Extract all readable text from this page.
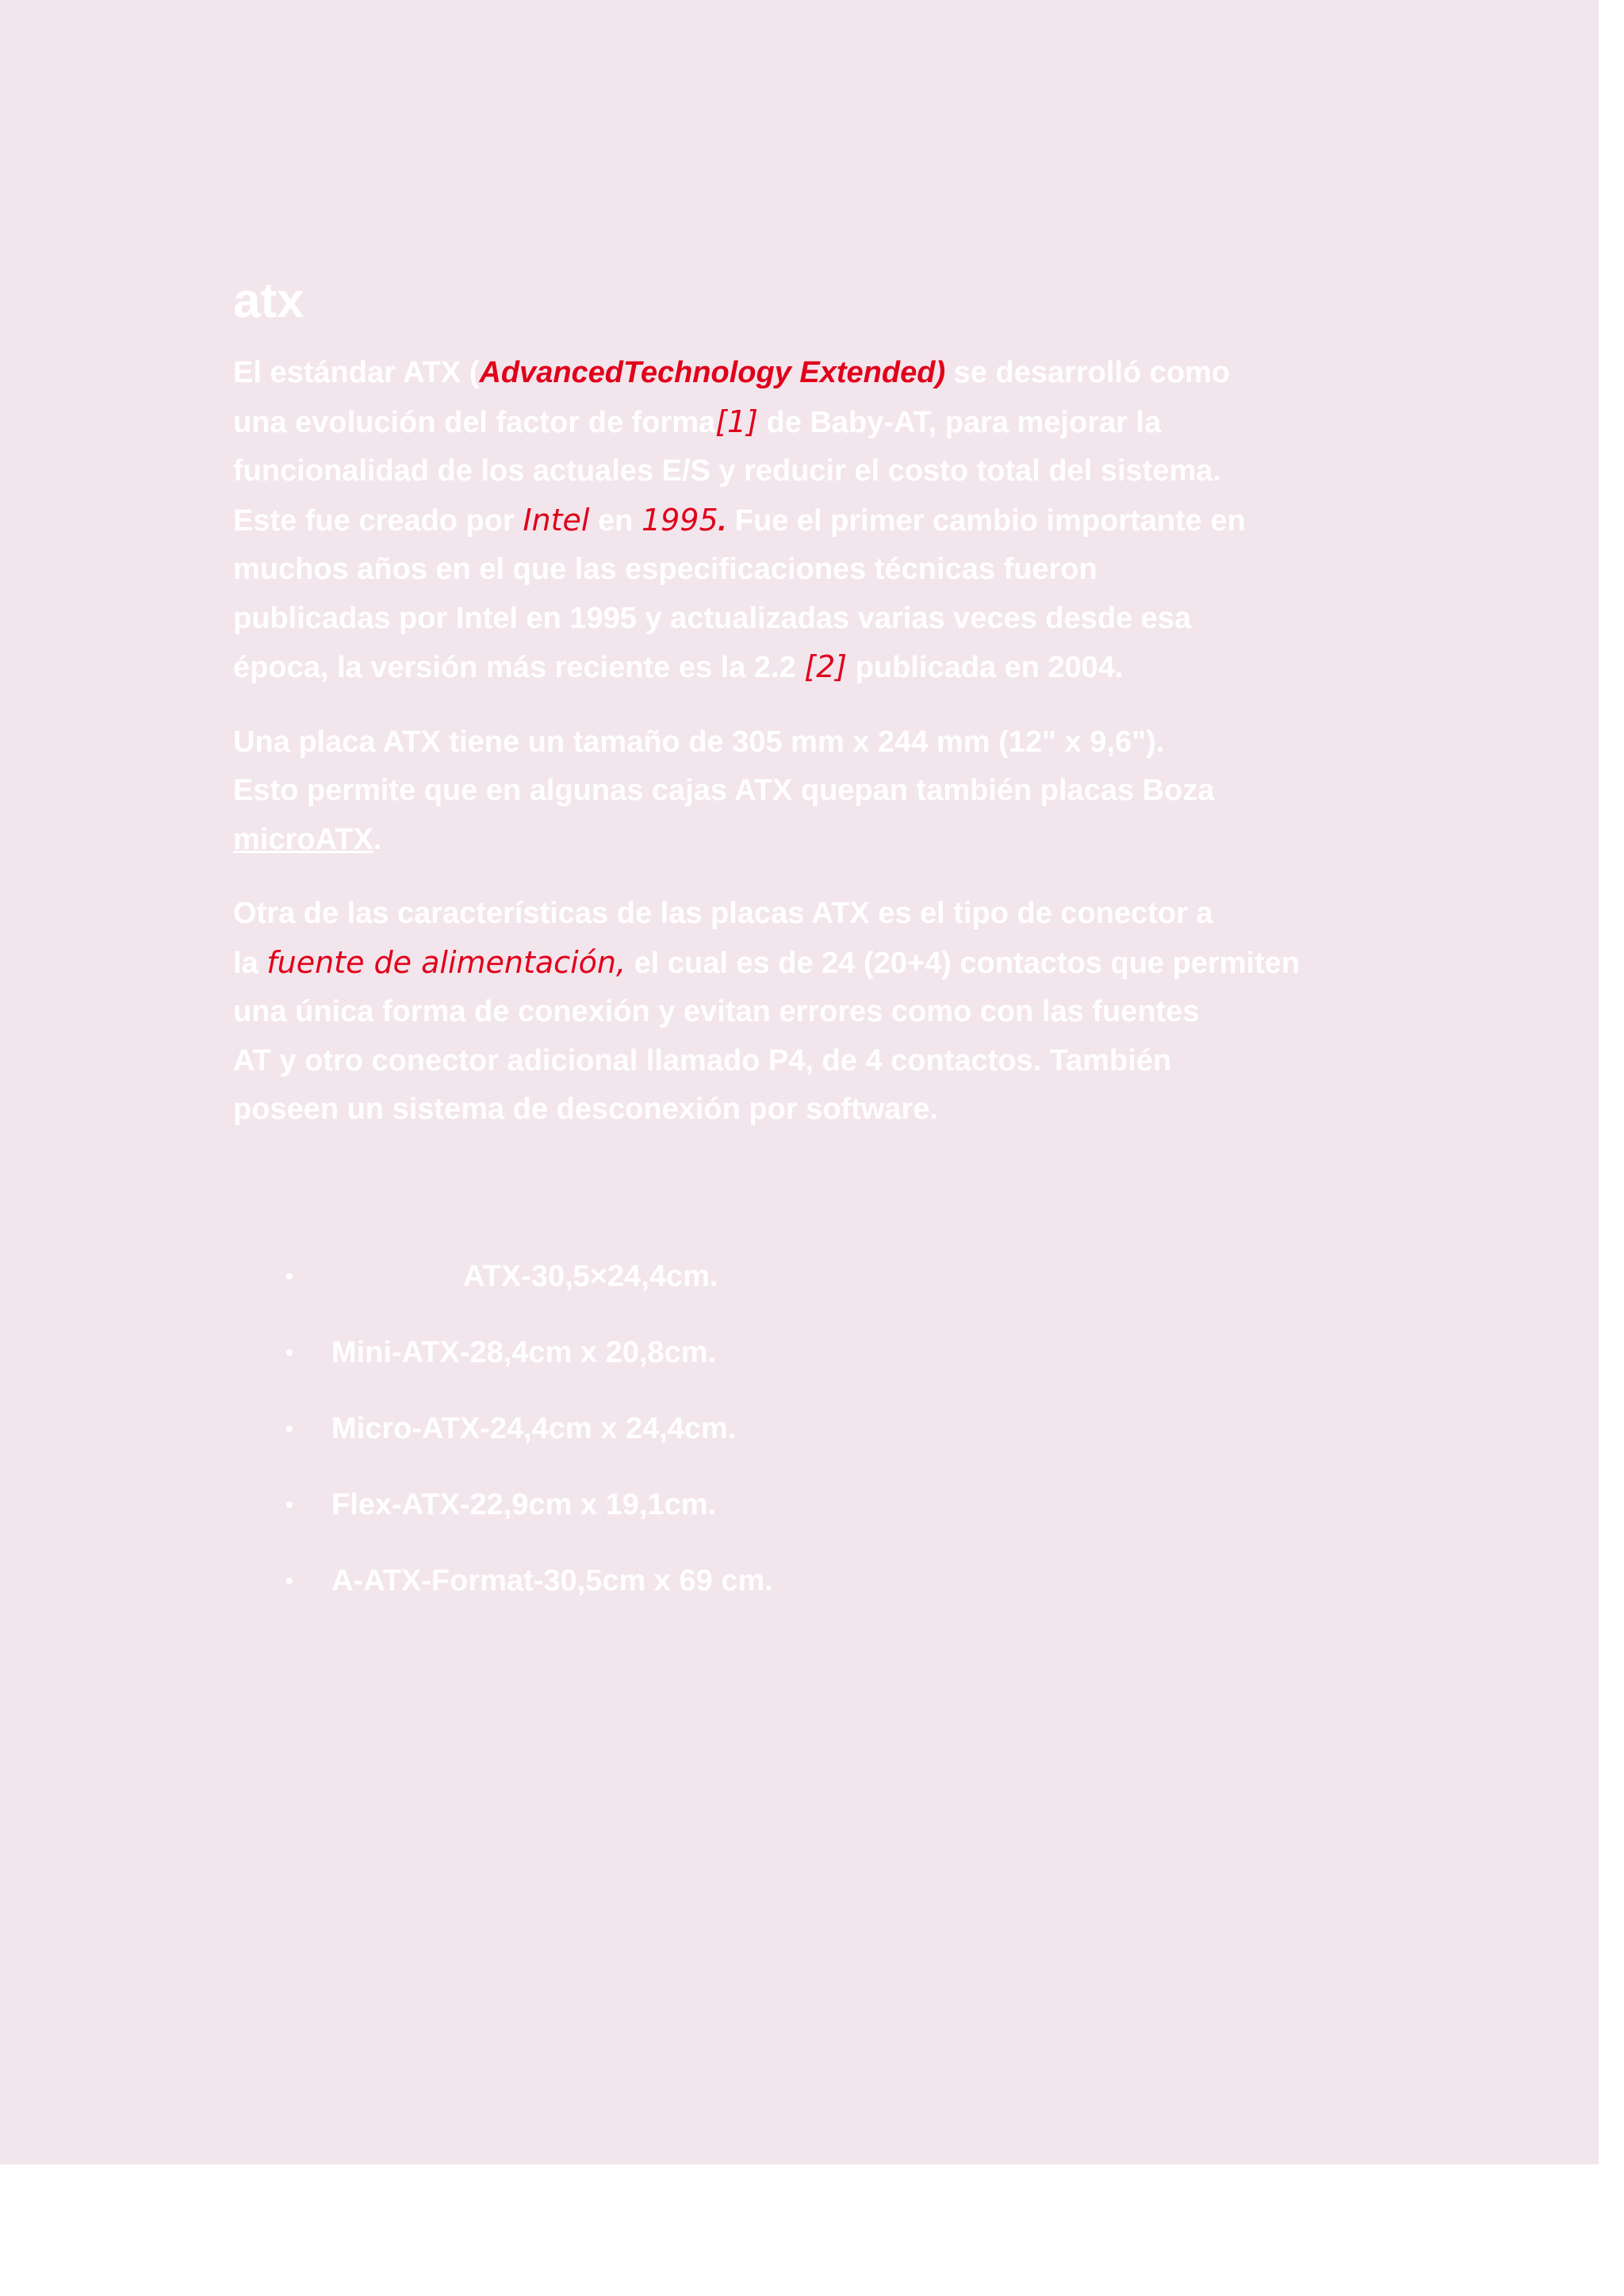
atx
El estándar ATX (AdvancedTechnology Extended) se desarrolló como
una evolución del factor de forma[1] de Baby-AT, para mejorar la
funcionalidad de los actuales E/S y reducir el costo total del sistema.
Este fue creado por Intel en 1995. Fue el primer cambio importante en
muchos años en el que las especificaciones técnicas fueron
publicadas por Intel en 1995 y actualizadas varias veces desde esa
época, la versión más reciente es la 2.2 [2] publicada en 2004.
Una placa ATX tiene un tamaño de 305 mm x 244 mm (12" x 9,6").
Esto permite que en algunas cajas ATX quepan también placas Boza
microATX.
Otra de las características de las placas ATX es el tipo de conector a
la fuente de alimentación, el cual es de 24 (20+4) contactos que permiten
una única forma de conexión y evitan errores como con las fuentes
AT y otro conector adicional llamado P4, de 4 contactos. También
poseen un sistema de desconexión por software.
•	ATX-30,5×24,4cm.
• Mini-ATX-28,4cm x 20,8cm.
• Micro-ATX-24,4cm x 24,4cm.
• Flex-ATX-22,9cm x 19,1cm.
• A-ATX-Format-30,5cm x 69 cm.
